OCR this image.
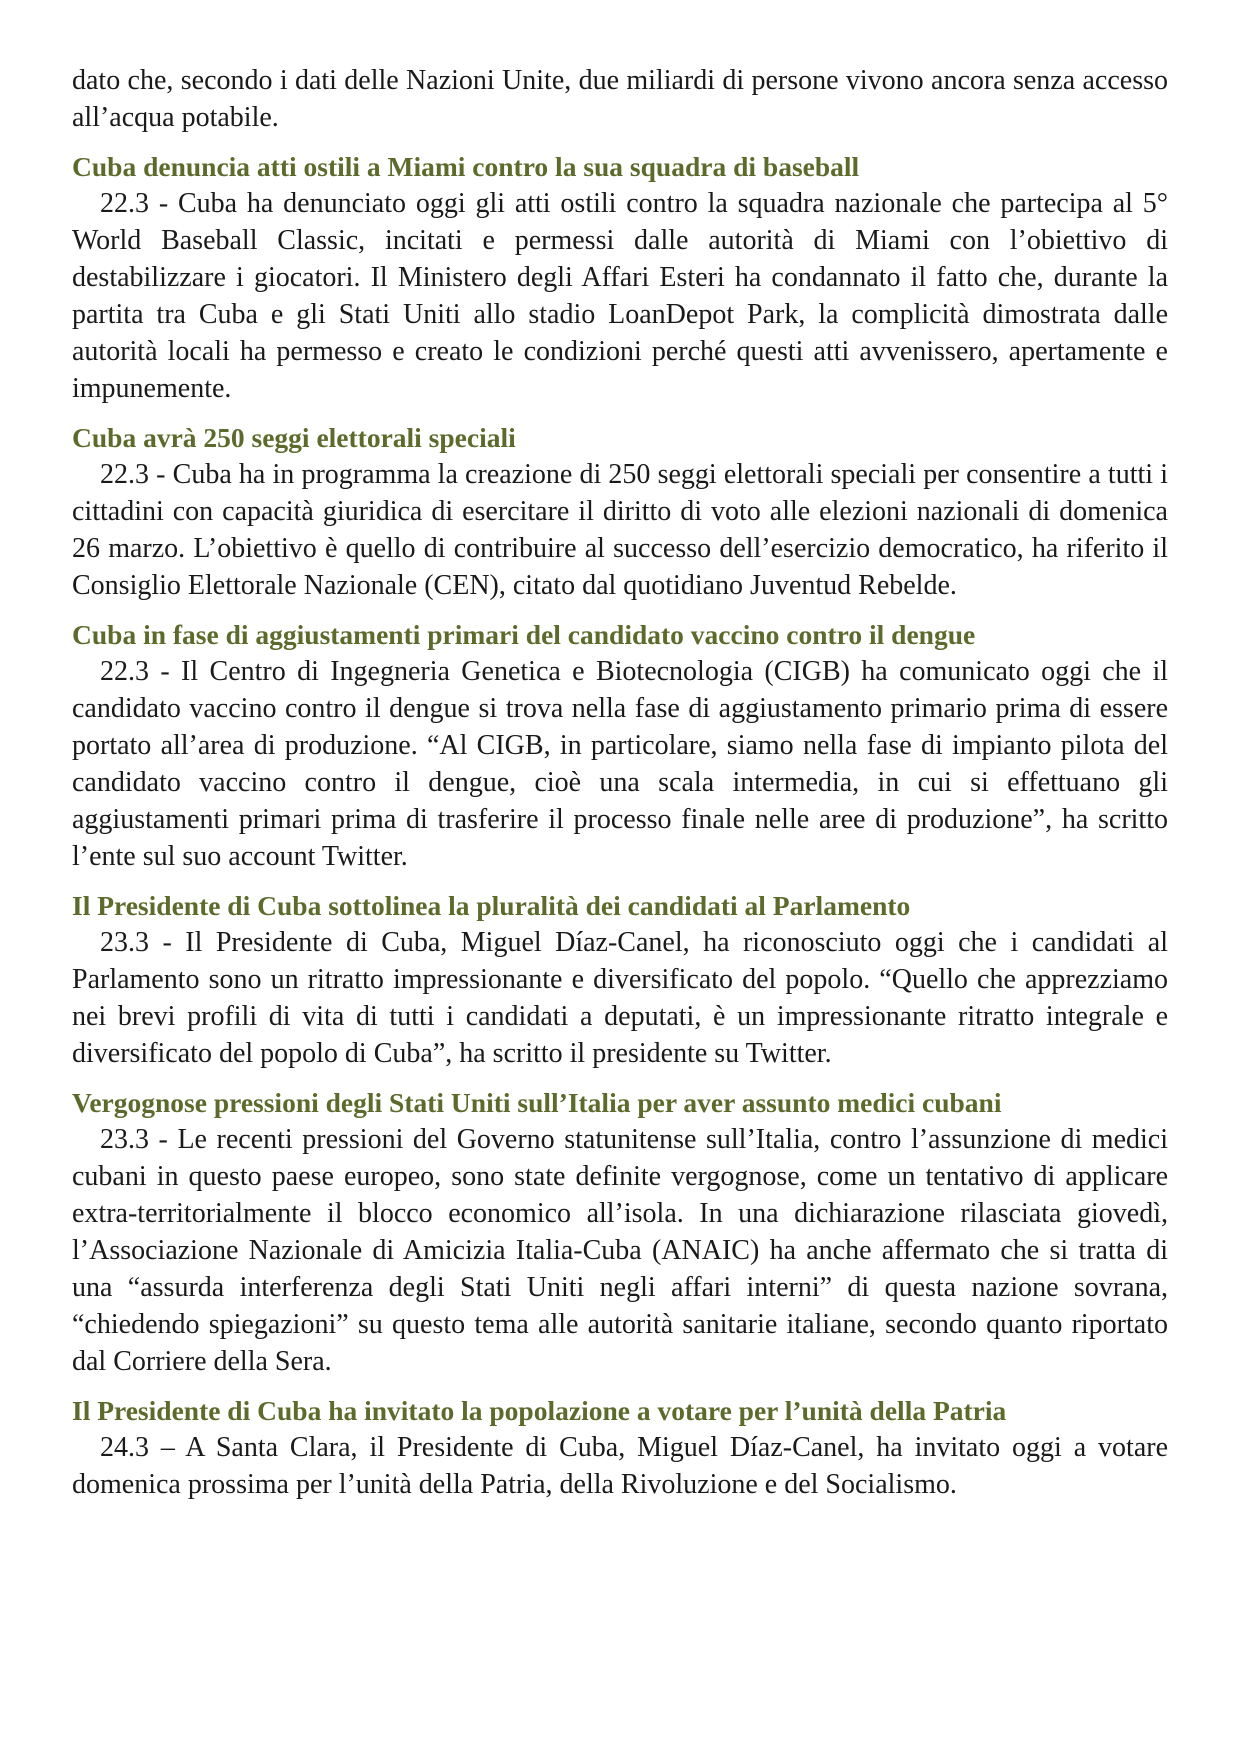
dato che, secondo i dati delle Nazioni Unite, due miliardi di persone vivono ancora senza accesso all’acqua potabile.

Cuba denuncia atti ostili a Miami contro la sua squadra di baseball

22.3 - Cuba ha denunciato oggi gli atti ostili contro la squadra nazionale che partecipa al 5° World Baseball Classic, incitati e permessi dalle autorità di Miami con l’obiettivo di destabilizzare i giocatori. Il Ministero degli Affari Esteri ha condannato il fatto che, durante la partita tra Cuba e gli Stati Uniti allo stadio LoanDepot Park, la complicità dimostrata dalle autorità locali ha permesso e creato le condizioni perché questi atti avvenissero, apertamente e impunemente.

Cuba avrà 250 seggi elettorali speciali

22.3 - Cuba ha in programma la creazione di 250 seggi elettorali speciali per consentire a tutti i cittadini con capacità giuridica di esercitare il diritto di voto alle elezioni nazionali di domenica 26 marzo. L’obiettivo è quello di contribuire al successo dell’esercizio democratico, ha riferito il Consiglio Elettorale Nazionale (CEN), citato dal quotidiano Juventud Rebelde.

Cuba in fase di aggiustamenti primari del candidato vaccino contro il dengue

22.3 - Il Centro di Ingegneria Genetica e Biotecnologia (CIGB) ha comunicato oggi che il candidato vaccino contro il dengue si trova nella fase di aggiustamento primario prima di essere portato all’area di produzione. “Al CIGB, in particolare, siamo nella fase di impianto pilota del candidato vaccino contro il dengue, cioè una scala intermedia, in cui si effettuano gli aggiustamenti primari prima di trasferire il processo finale nelle aree di produzione”, ha scritto l’ente sul suo account Twitter.

Il Presidente di Cuba sottolinea la pluralità dei candidati al Parlamento

23.3 - Il Presidente di Cuba, Miguel Díaz-Canel, ha riconosciuto oggi che i candidati al Parlamento sono un ritratto impressionante e diversificato del popolo. “Quello che apprezziamo nei brevi profili di vita di tutti i candidati a deputati, è un impressionante ritratto integrale e diversificato del popolo di Cuba”, ha scritto il presidente su Twitter.

Vergognose pressioni degli Stati Uniti sull’Italia per aver assunto medici cubani

23.3 - Le recenti pressioni del Governo statunitense sull’Italia, contro l’assunzione di medici cubani in questo paese europeo, sono state definite vergognose, come un tentativo di applicare extra-territorialmente il blocco economico all’isola. In una dichiarazione rilasciata giovedì, l’Associazione Nazionale di Amicizia Italia-Cuba (ANAIC) ha anche affermato che si tratta di una “assurda interferenza degli Stati Uniti negli affari interni” di questa nazione sovrana, “chiedendo spiegazioni” su questo tema alle autorità sanitarie italiane, secondo quanto riportato dal Corriere della Sera.

Il Presidente di Cuba ha invitato la popolazione a votare per l’unità della Patria

24.3 – A Santa Clara, il Presidente di Cuba, Miguel Díaz-Canel, ha invitato oggi a votare domenica prossima per l’unità della Patria, della Rivoluzione e del Socialismo.
